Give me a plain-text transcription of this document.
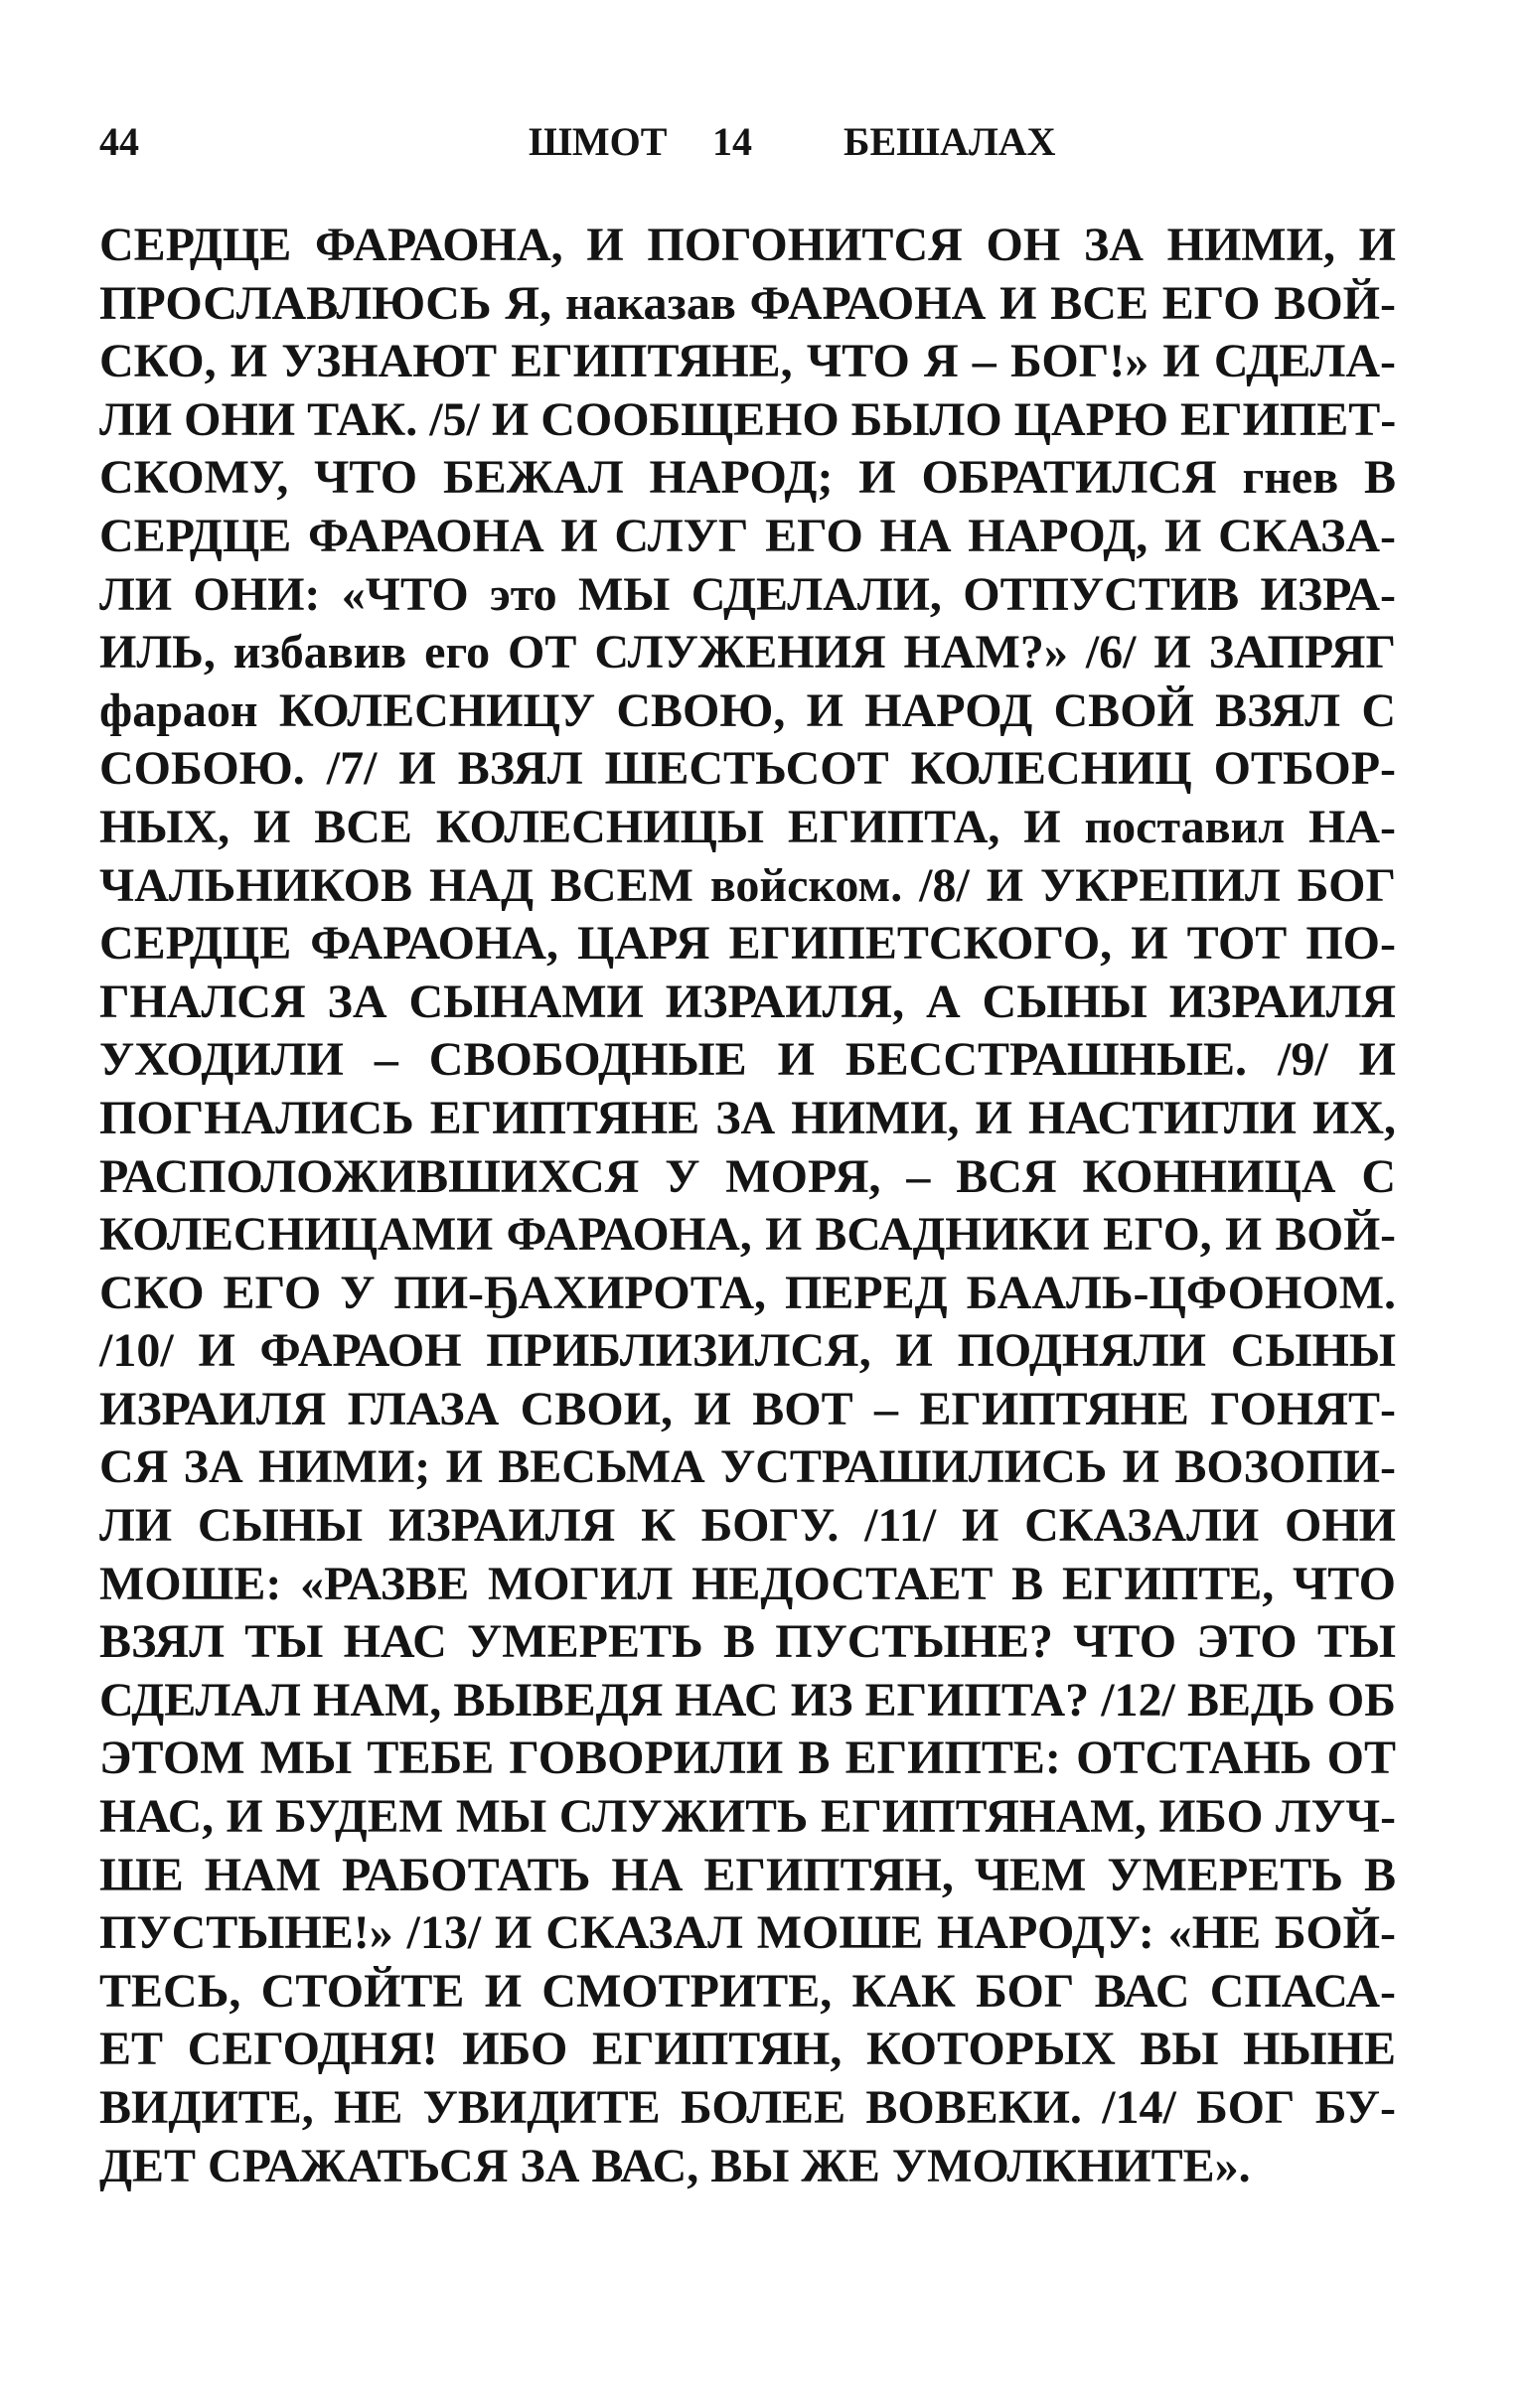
44	ШМОТ 14 БЕШАЛАХ
СЕРДЦЕ ФАРАОНА, И ПОГОНИТСЯ ОН ЗА НИМИ, И
ПРОСЛАВЛЮСЬ Я, наказав ФАРАОНА И ВСЕ ЕГО ВОЙ-
СКО, И УЗНАЮТ ЕГИПТЯНЕ, ЧТО Я – БОГ!» И СДЕЛА-
ЛИ ОНИ ТАК. /5/ И СООБЩЕНО БЫЛО ЦАРЮ ЕГИПЕТ-
СКОМУ, ЧТО БЕЖАЛ НАРОД; И ОБРАТИЛСЯ гнев В
СЕРДЦЕ ФАРАОНА И СЛУГ ЕГО НА НАРОД, И СКАЗА-
ЛИ ОНИ: «ЧТО это МЫ СДЕЛАЛИ, ОТПУСТИВ ИЗРА-
ИЛЬ, избавив его ОТ СЛУЖЕНИЯ НАМ?» /6/ И ЗАПРЯГ
фараон КОЛЕСНИЦУ СВОЮ, И НАРОД СВОЙ ВЗЯЛ С
СОБОЮ. /7/ И ВЗЯЛ ШЕСТЬСОТ КОЛЕСНИЦ ОТБОР-
НЫХ, И ВСЕ КОЛЕСНИЦЫ ЕГИПТА, И поставил НА-
ЧАЛЬНИКОВ НАД ВСЕМ войском. /8/ И УКРЕПИЛ БОГ
СЕРДЦЕ ФАРАОНА, ЦАРЯ ЕГИПЕТСКОГО, И ТОТ ПО-
ГНАЛСЯ ЗА СЫНАМИ ИЗРАИЛЯ, А СЫНЫ ИЗРАИЛЯ
УХОДИЛИ – СВОБОДНЫЕ И БЕССТРАШНЫЕ. /9/ И
ПОГНАЛИСЬ ЕГИПТЯНЕ ЗА НИМИ, И НАСТИГЛИ ИХ,
РАСПОЛОЖИВШИХСЯ У МОРЯ, – ВСЯ КОННИЦА С
КОЛЕСНИЦАМИ ФАРАОНА, И ВСАДНИКИ ЕГО, И ВОЙ-
СКО ЕГО У ПИ-ҔАХИРОТА, ПЕРЕД БААЛЬ-ЦФОНОМ.
/10/ И ФАРАОН ПРИБЛИЗИЛСЯ, И ПОДНЯЛИ СЫНЫ
ИЗРАИЛЯ ГЛАЗА СВОИ, И ВОТ – ЕГИПТЯНЕ ГОНЯТ-
СЯ ЗА НИМИ; И ВЕСЬМА УСТРАШИЛИСЬ И ВОЗОПИ-
ЛИ СЫНЫ ИЗРАИЛЯ К БОГУ. /11/ И СКАЗАЛИ ОНИ
МОШЕ: «РАЗВЕ МОГИЛ НЕДОСТАЕТ В ЕГИПТЕ, ЧТО
ВЗЯЛ ТЫ НАС УМЕРЕТЬ В ПУСТЫНЕ? ЧТО ЭТО ТЫ
СДЕЛАЛ НАМ, ВЫВЕДЯ НАС ИЗ ЕГИПТА? /12/ ВЕДЬ ОБ
ЭТОМ МЫ ТЕБЕ ГОВОРИЛИ В ЕГИПТЕ: ОТСТАНЬ ОТ
НАС, И БУДЕМ МЫ СЛУЖИТЬ ЕГИПТЯНАМ, ИБО ЛУЧ-
ШЕ НАМ РАБОТАТЬ НА ЕГИПТЯН, ЧЕМ УМЕРЕТЬ В
ПУСТЫНЕ!» /13/ И СКАЗАЛ МОШЕ НАРОДУ: «НЕ БОЙ-
ТЕСЬ, СТОЙТЕ И СМОТРИТЕ, КАК БОГ ВАС СПАСА-
ЕТ СЕГОДНЯ! ИБО ЕГИПТЯН, КОТОРЫХ ВЫ НЫНЕ
ВИДИТЕ, НЕ УВИДИТЕ БОЛЕЕ ВОВЕКИ. /14/ БОГ БУ-
ДЕТ СРАЖАТЬСЯ ЗА ВАС, ВЫ ЖЕ УМОЛКНИТЕ».
